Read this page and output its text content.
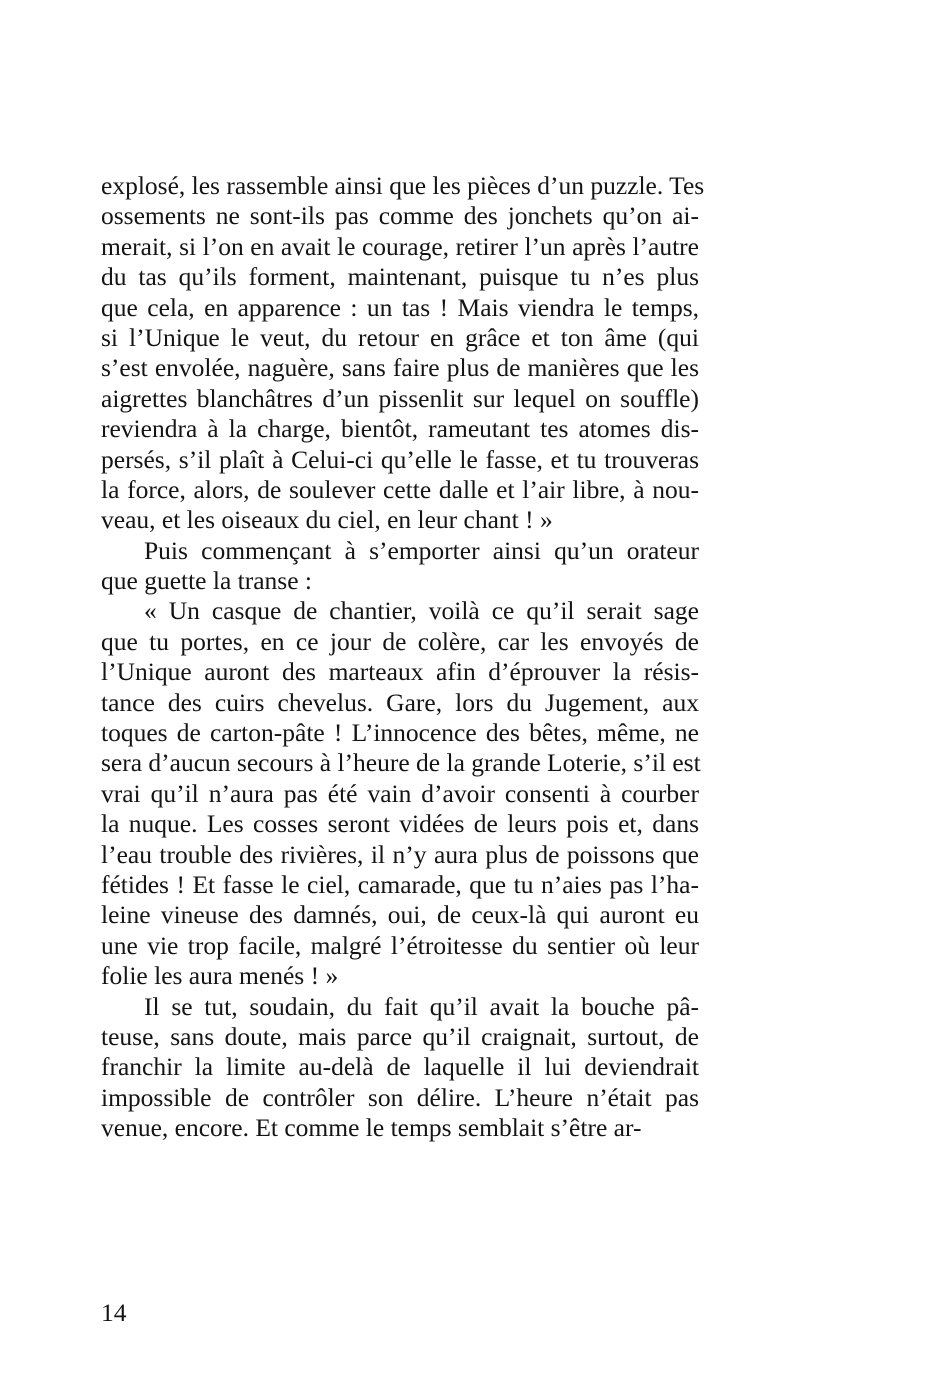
explosé, les rassemble ainsi que les pièces d’un puzzle. Tes
ossements ne sont-ils pas comme des jonchets qu’on ai-
merait, si l’on en avait le courage, retirer l’un après l’autre
du tas qu’ils forment, maintenant, puisque tu n’es plus
que cela, en apparence : un tas ! Mais viendra le temps,
si l’Unique le veut, du retour en grâce et ton âme (qui
s’est envolée, naguère, sans faire plus de manières que les
aigrettes blanchâtres d’un pissenlit sur lequel on souffle)
reviendra à la charge, bientôt, rameutant tes atomes dis-
persés, s’il plaît à Celui-ci qu’elle le fasse, et tu trouveras
la force, alors, de soulever cette dalle et l’air libre, à nou-
veau, et les oiseaux du ciel, en leur chant ! »
Puis commençant à s’emporter ainsi qu’un orateur
que guette la transe :
« Un casque de chantier, voilà ce qu’il serait sage
que tu portes, en ce jour de colère, car les envoyés de
l’Unique auront des marteaux afin d’éprouver la résis-
tance des cuirs chevelus. Gare, lors du Jugement, aux
toques de carton-pâte ! L’innocence des bêtes, même, ne
sera d’aucun secours à l’heure de la grande Loterie, s’il est
vrai qu’il n’aura pas été vain d’avoir consenti à courber
la nuque. Les cosses seront vidées de leurs pois et, dans
l’eau trouble des rivières, il n’y aura plus de poissons que
fétides ! Et fasse le ciel, camarade, que tu n’aies pas l’ha-
leine vineuse des damnés, oui, de ceux-là qui auront eu
une vie trop facile, malgré l’étroitesse du sentier où leur
folie les aura menés ! »
Il se tut, soudain, du fait qu’il avait la bouche pâ-
teuse, sans doute, mais parce qu’il craignait, surtout, de
franchir la limite au-delà de laquelle il lui deviendrait
impossible de contrôler son délire. L’heure n’était pas
venue, encore. Et comme le temps semblait s’être ar-
14
